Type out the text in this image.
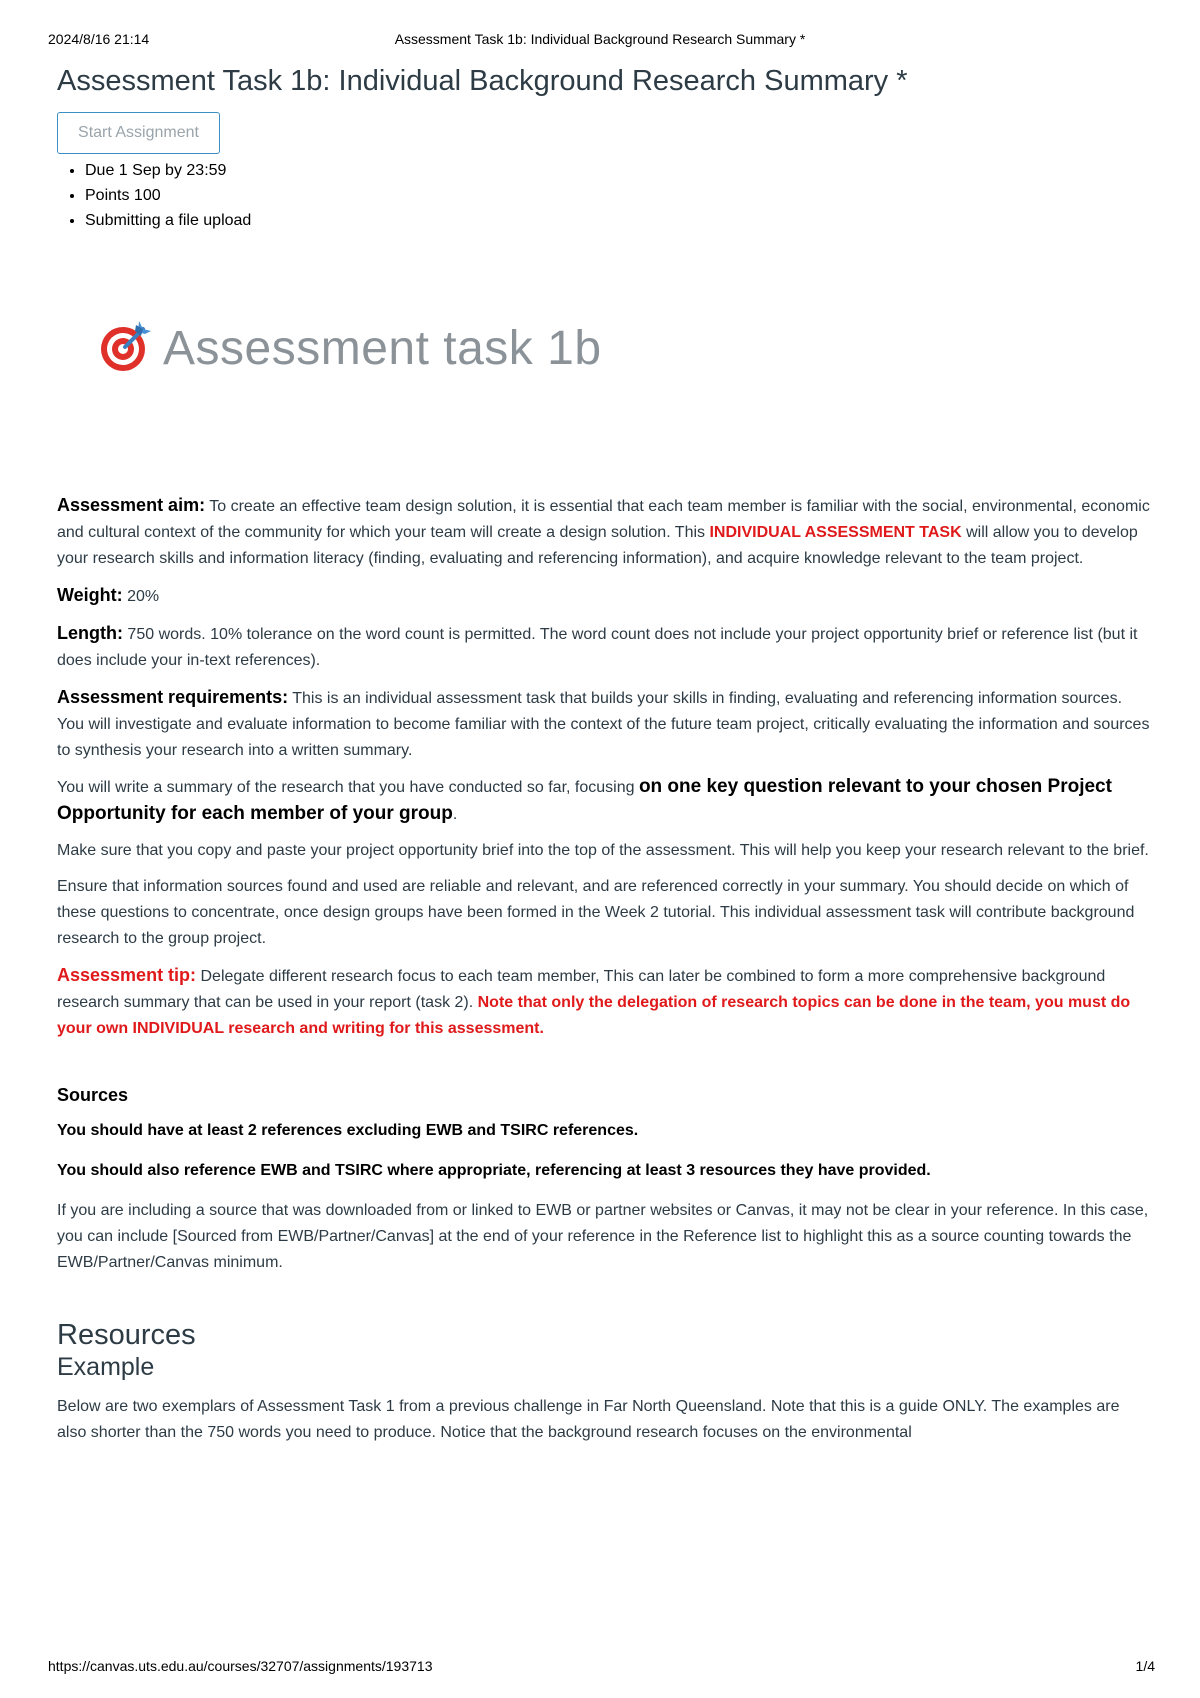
2024/8/16 21:14	Assessment Task 1b: Individual Background Research Summary *
Assessment Task 1b: Individual Background Research Summary *
Start Assignment
• Due 1 Sep by 23:59
• Points 100
• Submitting a file upload
Assessment task 1b

Assessment aim: To create an effective team design solution, it is essential that each team member is familiar with the social, environmental, economic and cultural context of the community for which your team will create a design solution. This INDIVIDUAL ASSESSMENT TASK will allow you to develop your research skills and information literacy (finding, evaluating and referencing information), and acquire knowledge relevant to the team project.

Weight: 20%

Length: 750 words. 10% tolerance on the word count is permitted. The word count does not include your project opportunity brief or reference list (but it does include your in-text references).

Assessment requirements: This is an individual assessment task that builds your skills in finding, evaluating and referencing information sources. You will investigate and evaluate information to become familiar with the context of the future team project, critically evaluating the information and sources to synthesis your research into a written summary.

You will write a summary of the research that you have conducted so far, focusing on one key question relevant to your chosen Project Opportunity for each member of your group.

Make sure that you copy and paste your project opportunity brief into the top of the assessment. This will help you keep your research relevant to the brief.

Ensure that information sources found and used are reliable and relevant, and are referenced correctly in your summary. You should decide on which of these questions to concentrate, once design groups have been formed in the Week 2 tutorial. This individual assessment task will contribute background research to the group project.

Assessment tip: Delegate different research focus to each team member, This can later be combined to form a more comprehensive background research summary that can be used in your report (task 2). Note that only the delegation of research topics can be done in the team, you must do your own INDIVIDUAL research and writing for this assessment.

Sources

You should have at least 2 references excluding EWB and TSIRC references.

You should also reference EWB and TSIRC where appropriate, referencing at least 3 resources they have provided.

If you are including a source that was downloaded from or linked to EWB or partner websites or Canvas, it may not be clear in your reference. In this case, you can include [Sourced from EWB/Partner/Canvas] at the end of your reference in the Reference list to highlight this as a source counting towards the EWB/Partner/Canvas minimum.

Resources
Example

Below are two exemplars of Assessment Task 1 from a previous challenge in Far North Queensland. Note that this is a guide ONLY. The examples are also shorter than the 750 words you need to produce. Notice that the background research focuses on the environmental

https://canvas.uts.edu.au/courses/32707/assignments/193713	1/4
